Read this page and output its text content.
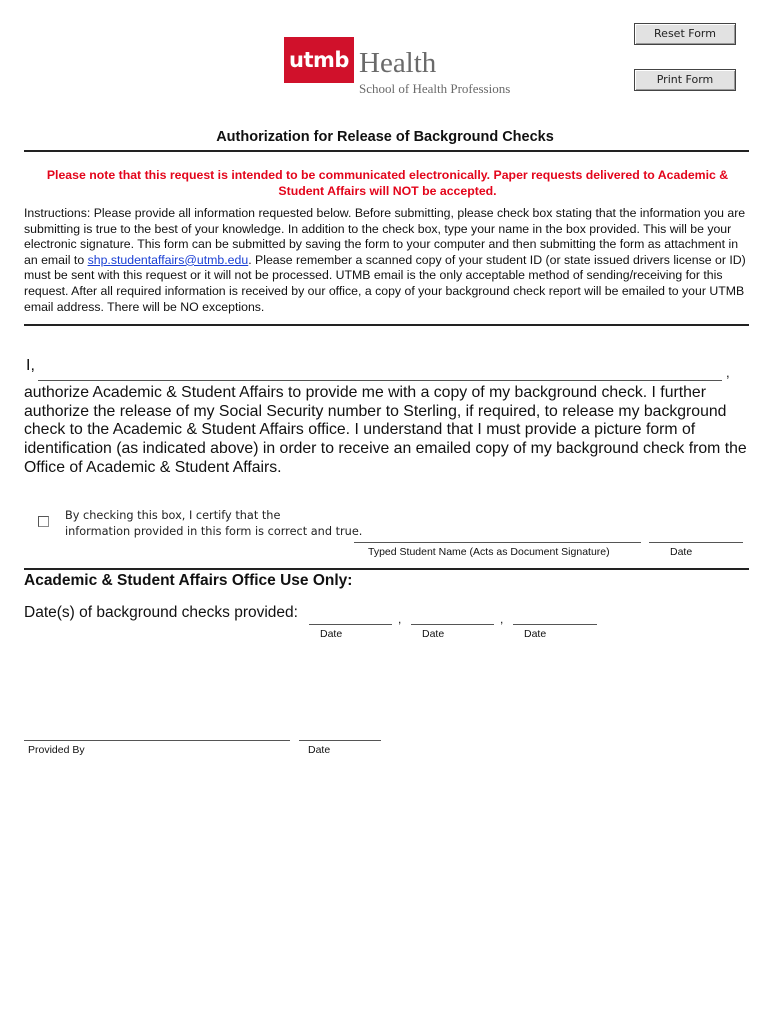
Reset Form
Print Form
utmb Health
School of Health Professions
Authorization for Release of Background Checks
Please note that this request is intended to be communicated electronically. Paper requests delivered to Academic & Student Affairs will NOT be accepted.
Instructions: Please provide all information requested below. Before submitting, please check box stating that the information you are submitting is true to the best of your knowledge. In addition to the check box, type your name in the box provided. This will be your electronic signature. This form can be submitted by saving the form to your computer and then submitting the form as attachment in an email to shp.studentaffairs@utmb.edu. Please remember a scanned copy of your student ID (or state issued drivers license or ID) must be sent with this request or it will not be processed. UTMB email is the only acceptable method of sending/receiving for this request. After all required information is received by our office, a copy of your background check report will be emailed to your UTMB email address. There will be NO exceptions.
I,	,
authorize Academic & Student Affairs to provide me with a copy of my background check. I further authorize the release of my Social Security number to Sterling, if required, to release my background check to the Academic & Student Affairs office. I understand that I must provide a picture form of identification (as indicated above) in order to receive an emailed copy of my background check from the Office of Academic & Student Affairs.
By checking this box, I certify that the
information provided in this form is correct and true.
Typed Student Name (Acts as Document Signature)	Date
Academic & Student Affairs Office Use Only:
Date(s) of background checks provided:	,	,
Date	Date	Date
Provided By	Date
